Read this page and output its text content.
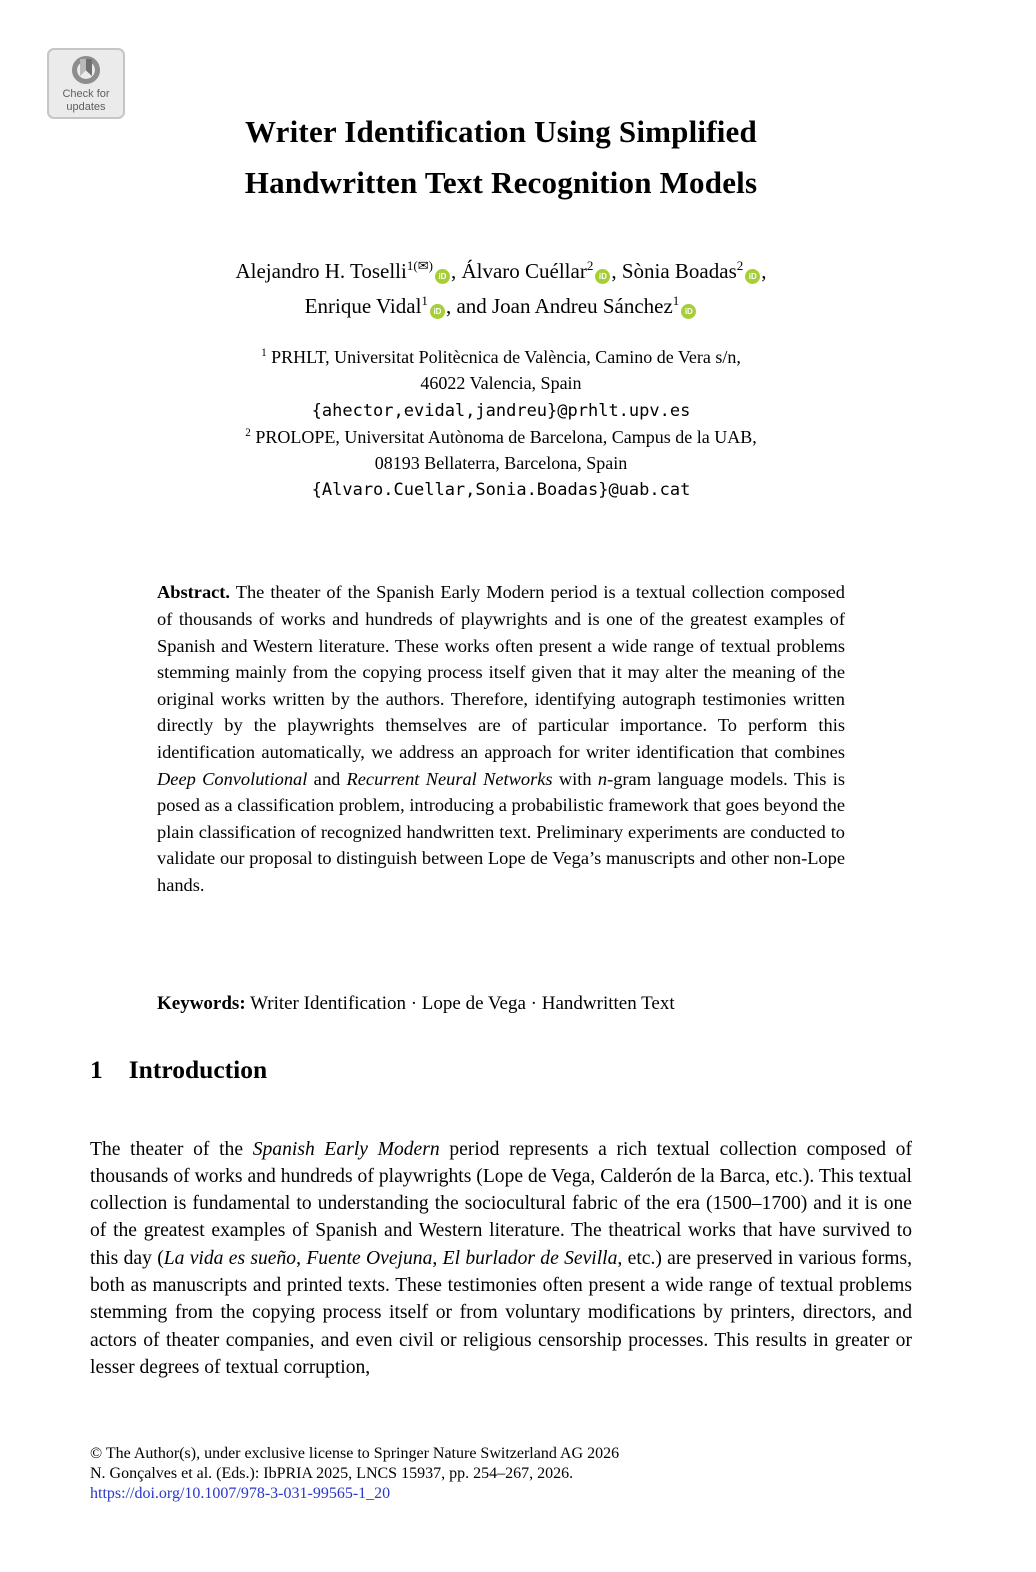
Check for
updates
Writer Identification Using Simplified
Handwritten Text Recognition Models
Alejandro H. Toselli$^{1(✉)}$iD , Álvaro Cuéllar$^2$iD , Sònia Boadas$^2$iD ,
Enrique Vidal$^1$iD , and Joan Andreu Sánchez$^1$iD
$^1$ PRHLT, Universitat Politècnica de València, Camino de Vera s/n,
46022 Valencia, Spain
{ahector,evidal,jandreu}@prhlt.upv.es
$^2$ PROLOPE, Universitat Autònoma de Barcelona, Campus de la UAB,
08193 Bellaterra, Barcelona, Spain
{Alvaro.Cuellar,Sonia.Boadas}@uab.cat

Abstract. The theater of the Spanish Early Modern period is a textual collection composed of thousands of works and hundreds of playwrights and is one of the greatest examples of Spanish and Western literature. These works often present a wide range of textual problems stemming mainly from the copying process itself given that it may alter the meaning of the original works written by the authors. Therefore, identifying autograph testimonies written directly by the playwrights themselves are of particular importance. To perform this identification automatically, we address an approach for writer identification that combines Deep Convolutional and Recurrent Neural Networks with n-gram language models. This is posed as a classification problem, introducing a probabilistic framework that goes beyond the plain classification of recognized handwritten text. Preliminary experiments are conducted to validate our proposal to distinguish between Lope de Vega’s manuscripts and other non-Lope hands.

Keywords: Writer Identification · Lope de Vega · Handwritten Text
1 Introduction

The theater of the Spanish Early Modern period represents a rich textual collection composed of thousands of works and hundreds of playwrights (Lope de Vega, Calderón de la Barca, etc.). This textual collection is fundamental to understanding the sociocultural fabric of the era (1500–1700) and it is one of the greatest examples of Spanish and Western literature. The theatrical works that have survived to this day (La vida es sueño, Fuente Ovejuna, El burlador de Sevilla, etc.) are preserved in various forms, both as manuscripts and printed texts. These testimonies often present a wide range of textual problems stemming from the copying process itself or from voluntary modifications by printers, directors, and actors of theater companies, and even civil or religious censorship processes. This results in greater or lesser degrees of textual corruption,

© The Author(s), under exclusive license to Springer Nature Switzerland AG 2026
N. Gonçalves et al. (Eds.): IbPRIA 2025, LNCS 15937, pp. 254–267, 2026.
https://doi.org/10.1007/978-3-031-99565-1_20
